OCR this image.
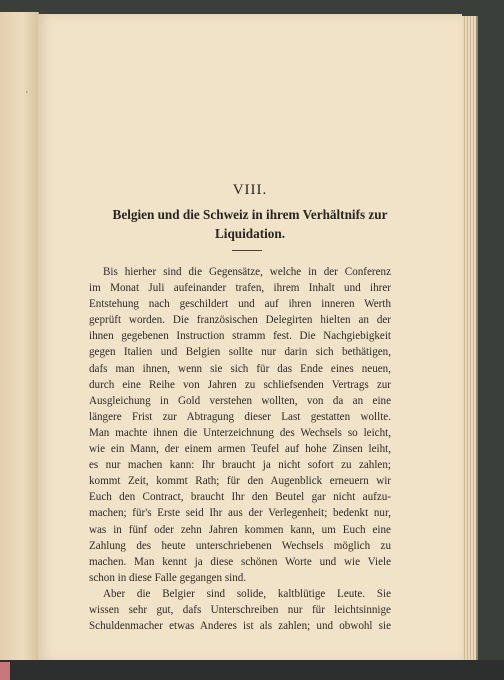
'
VIII.
Belgien und die Schweiz in ihrem Verhältnifs zur
Liquidation.
Bis hierher sind die Gegensätze, welche in der Conferenz
im Monat Juli aufeinander trafen, ihrem Inhalt und ihrer
Entstehung nach geschildert und auf ihren inneren Werth
geprüft worden. Die französischen Delegirten hielten an der
ihnen gegebenen Instruction stramm fest. Die Nachgiebigkeit
gegen Italien und Belgien sollte nur darin sich bethätigen,
dafs man ihnen, wenn sie sich für das Ende eines neuen,
durch eine Reihe von Jahren zu schliefsenden Vertrags zur
Ausgleichung in Gold verstehen wollten, von da an eine
längere Frist zur Abtragung dieser Last gestatten wollte.
Man machte ihnen die Unterzeichnung des Wechsels so leicht,
wie ein Mann, der einem armen Teufel auf hohe Zinsen leiht,
es nur machen kann: Ihr braucht ja nicht sofort zu zahlen;
kommt Zeit, kommt Rath; für den Augenblick erneuern wir
Euch den Contract, braucht Ihr den Beutel gar nicht aufzu-
machen; für's Erste seid Ihr aus der Verlegenheit; bedenkt nur,
was in fünf oder zehn Jahren kommen kann, um Euch eine
Zahlung des heute unterschriebenen Wechsels möglich zu
machen. Man kennt ja diese schönen Worte und wie Viele
schon in diese Falle gegangen sind.
Aber die Belgier sind solide, kaltblütige Leute. Sie
wissen sehr gut, dafs Unterschreiben nur für leichtsinnige
Schuldenmacher etwas Anderes ist als zahlen; und obwohl sie
